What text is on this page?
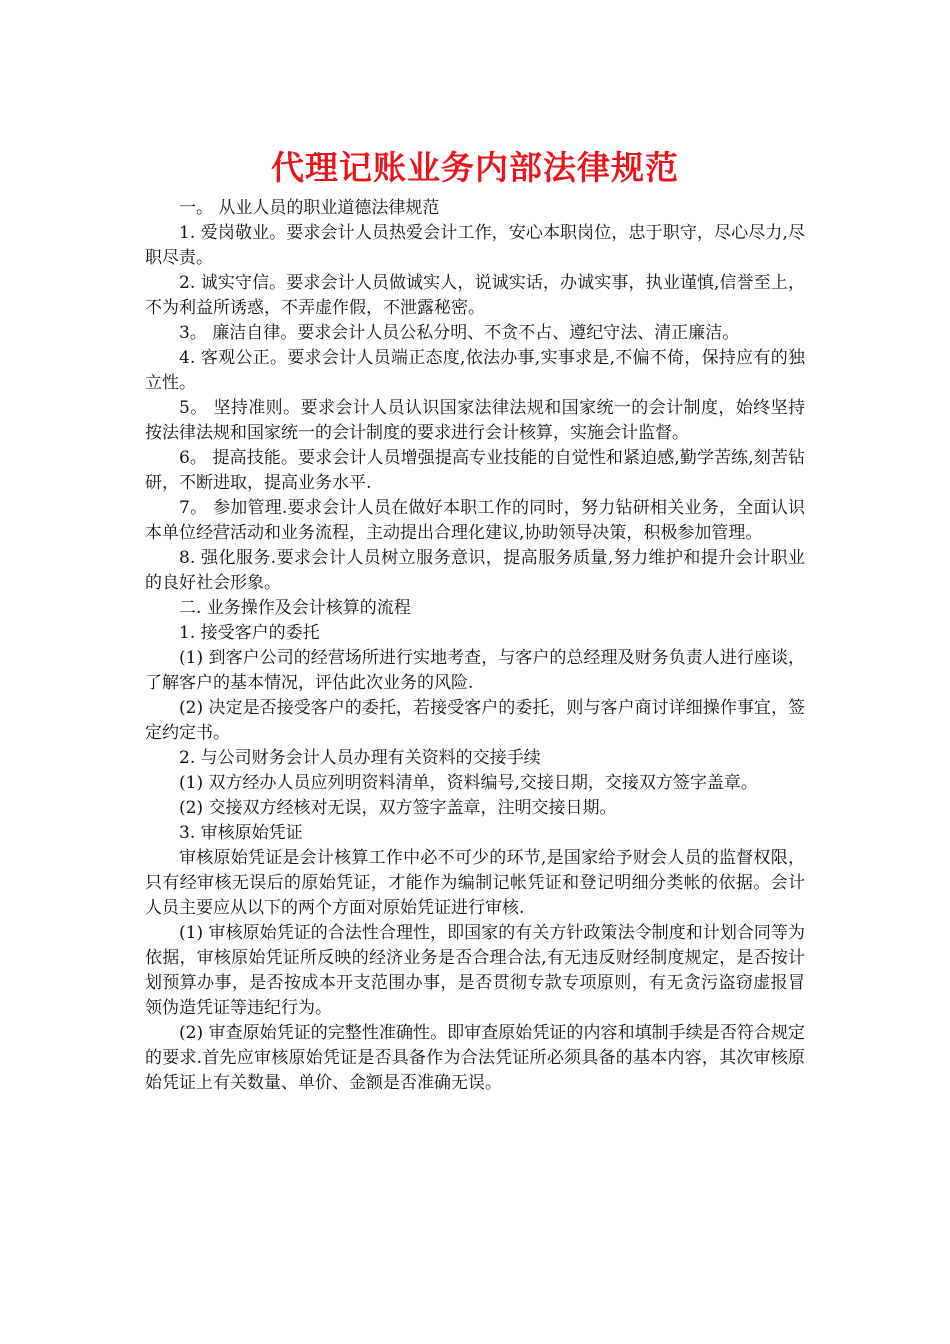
代理记账业务内部法律规范

一。 从业人员的职业道德法律规范

1. 爱岗敬业。要求会计人员热爱会计工作，安心本职岗位，忠于职守，尽心尽力,尽职尽责。

2. 诚实守信。要求会计人员做诚实人，说诚实话，办诚实事，执业谨慎,信誉至上，不为利益所诱惑，不弄虚作假，不泄露秘密。

3。 廉洁自律。要求会计人员公私分明、不贪不占、遵纪守法、清正廉洁。

4. 客观公正。要求会计人员端正态度,依法办事,实事求是,不偏不倚，保持应有的独立性。

5。 坚持准则。要求会计人员认识国家法律法规和国家统一的会计制度，始终坚持按法律法规和国家统一的会计制度的要求进行会计核算，实施会计监督。

6。 提高技能。要求会计人员增强提高专业技能的自觉性和紧迫感,勤学苦练,刻苦钻研，不断进取，提高业务水平.

7。 参加管理.要求会计人员在做好本职工作的同时，努力钻研相关业务，全面认识本单位经营活动和业务流程，主动提出合理化建议,协助领导决策，积极参加管理。

8. 强化服务.要求会计人员树立服务意识，提高服务质量,努力维护和提升会计职业的良好社会形象。

二. 业务操作及会计核算的流程

1. 接受客户的委托

(1) 到客户公司的经营场所进行实地考查，与客户的总经理及财务负责人进行座谈，了解客户的基本情况，评估此次业务的风险.

(2) 决定是否接受客户的委托，若接受客户的委托，则与客户商讨详细操作事宜，签定约定书。

2. 与公司财务会计人员办理有关资料的交接手续

(1) 双方经办人员应列明资料清单，资料编号,交接日期，交接双方签字盖章。

(2) 交接双方经核对无误，双方签字盖章，注明交接日期。

3. 审核原始凭证

审核原始凭证是会计核算工作中必不可少的环节,是国家给予财会人员的监督权限，只有经审核无误后的原始凭证，才能作为编制记帐凭证和登记明细分类帐的依据。会计人员主要应从以下的两个方面对原始凭证进行审核.

(1) 审核原始凭证的合法性合理性，即国家的有关方针政策法令制度和计划合同等为依据，审核原始凭证所反映的经济业务是否合理合法,有无违反财经制度规定，是否按计划预算办事，是否按成本开支范围办事，是否贯彻专款专项原则，有无贪污盗窃虚报冒领伪造凭证等违纪行为。

(2) 审查原始凭证的完整性准确性。即审查原始凭证的内容和填制手续是否符合规定的要求.首先应审核原始凭证是否具备作为合法凭证所必须具备的基本内容，其次审核原始凭证上有关数量、单价、金额是否准确无误。
